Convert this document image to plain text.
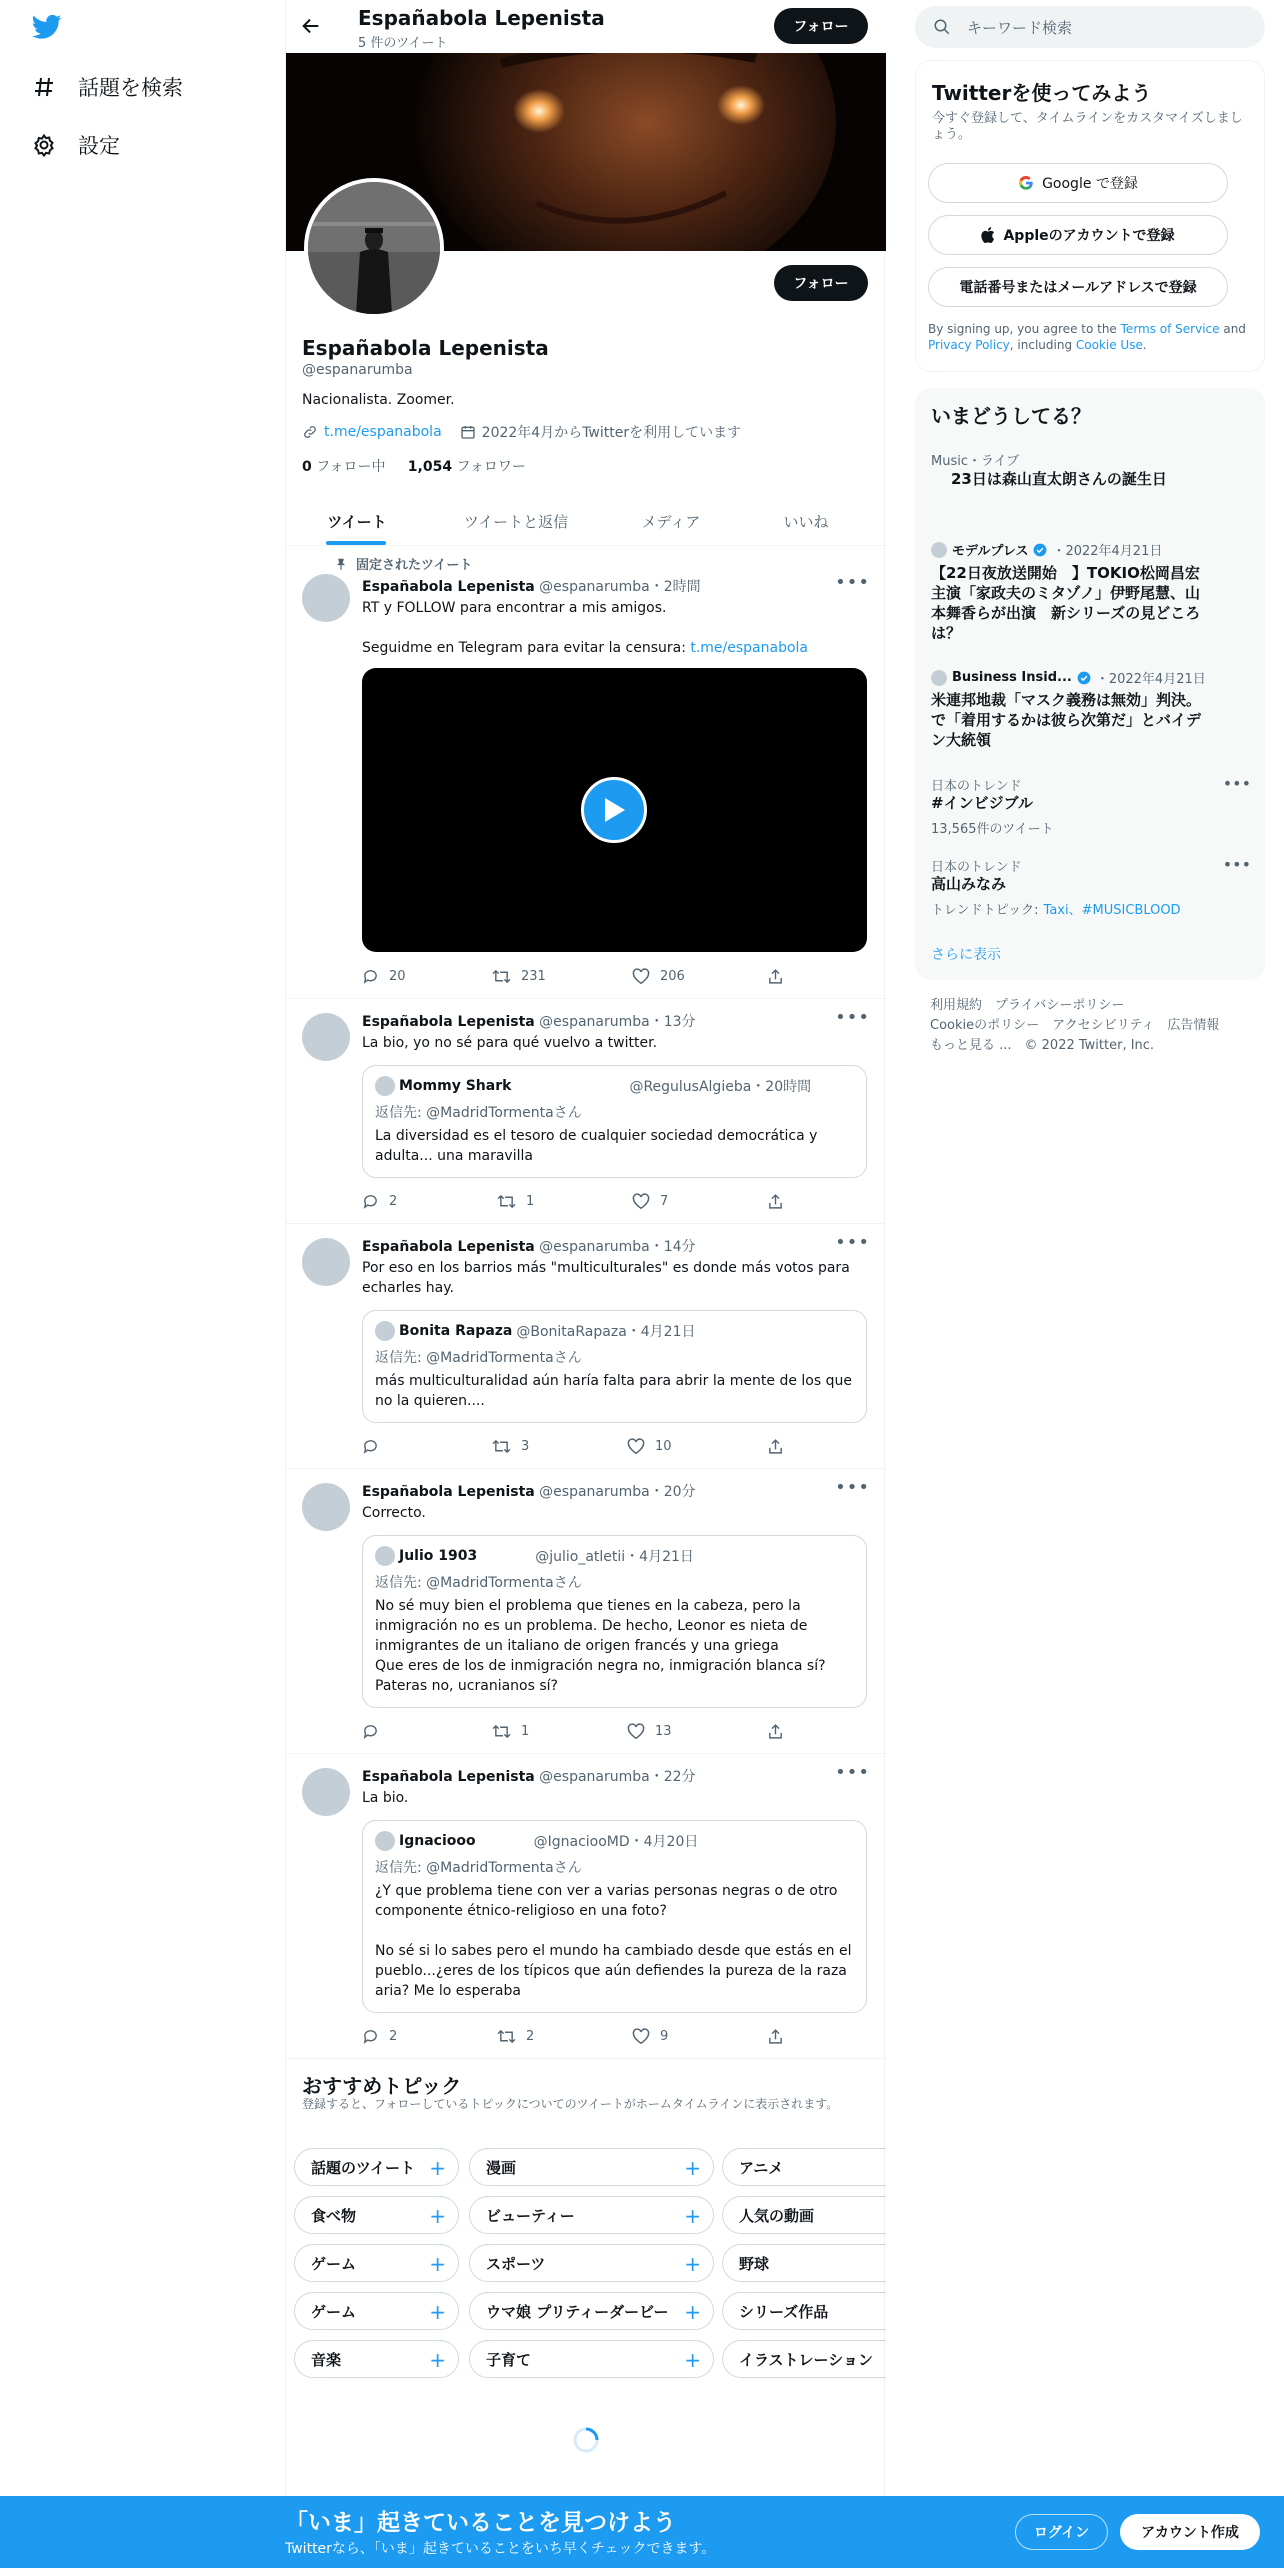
話題を検索
設定
Españabola Lepenista
5 件のツイート
フォロー
フォロー
Españabola Lepenista
@espanarumba
Nacionalista. Zoomer.
t.me/espanabola	2022年4月からTwitterを利用しています
0 フォロー中 1,054 フォロワー
ツイート	ツイートと返信	メディア	いいね
固定されたツイート
Españabola Lepenista @espanarumba・2時間	•••
RT y FOLLOW para encontrar a mis amigos.

Seguidme en Telegram para evitar la censura: t.me/espanabola
20	231	206
Españabola Lepenista @espanarumba・13分	•••
La bio, yo no sé para qué vuelvo a twitter.
Mommy Shark	@RegulusAlgieba・20時間
返信先: @MadridTormentaさん
La diversidad es el tesoro de cualquier sociedad democrática y adulta... una maravilla
2	1	7
Españabola Lepenista @espanarumba・14分	•••
Por eso en los barrios más "multiculturales" es donde más votos para echarles hay.
Bonita Rapaza @BonitaRapaza・4月21日
返信先: @MadridTormentaさん
más multiculturalidad aún haría falta para abrir la mente de los que no la quieren....
3	10
Españabola Lepenista @espanarumba・20分	•••
Correcto.
Julio 1903	@julio_atletii・4月21日
返信先: @MadridTormentaさん
No sé muy bien el problema que tienes en la cabeza, pero la inmigración no es un problema. De hecho, Leonor es nieta de inmigrantes de un italiano de origen francés y una griega
Que eres de los de inmigración negra no, inmigración blanca sí? Pateras no, ucranianos sí?
1	13
Españabola Lepenista @espanarumba・22分	•••
La bio.
Ignaciooo	@IgnaciooMD・4月20日
返信先: @MadridTormentaさん
¿Y que problema tiene con ver a varias personas negras o de otro componente étnico-religioso en una foto?

No sé si lo sabes pero el mundo ha cambiado desde que estás en el pueblo...¿eres de los típicos que aún defiendes la pureza de la raza aria? Me lo esperaba
2	2	9
おすすめトピック
登録すると、フォローしているトピックについてのツイートがホームタイムラインに表示されます。
話題のツイート +	漫画	+	アニメ
食べ物	+	ビューティー	+	人気の動画
ゲーム	+	スポーツ	+	野球
ゲーム	+	ウマ娘 プリティーダービー +	シリーズ作品
音楽	+	子育て	+	イラストレーション
キーワード検索
Twitterを使ってみよう
今すぐ登録して、タイムラインをカスタマイズしましょう。
Google で登録
Appleのアカウントで登録
電話番号またはメールアドレスで登録
By signing up, you agree to the Terms of Service and Privacy Policy, including Cookie Use.
いまどうしてる？
Music・ライブ
23日は森山直太朗さんの誕生日
モデルプレス ・2022年4月21日
【22日夜放送開始　】TOKIO松岡昌宏主演「家政夫のミタゾノ」伊野尾慧、山本舞香らが出演　新シリーズの見どころは？
Business Insid... ・2022年4月21日
米連邦地裁「マスク義務は無効」判決。　で「着用するかは彼ら次第だ」とバイデン大統領
日本のトレンド	•••
#インビジブル
13,565件のツイート
日本のトレンド	•••
高山みなみ
トレンドトピック: Taxi、#MUSICBLOOD
さらに表示
利用規約　プライバシーポリシー
Cookieのポリシー　アクセシビリティ　広告情報
もっと見る ...　© 2022 Twitter, Inc.
「いま」起きていることを見つけよう
Twitterなら、「いま」起きていることをいち早くチェックできます。
ログイン	アカウント作成
